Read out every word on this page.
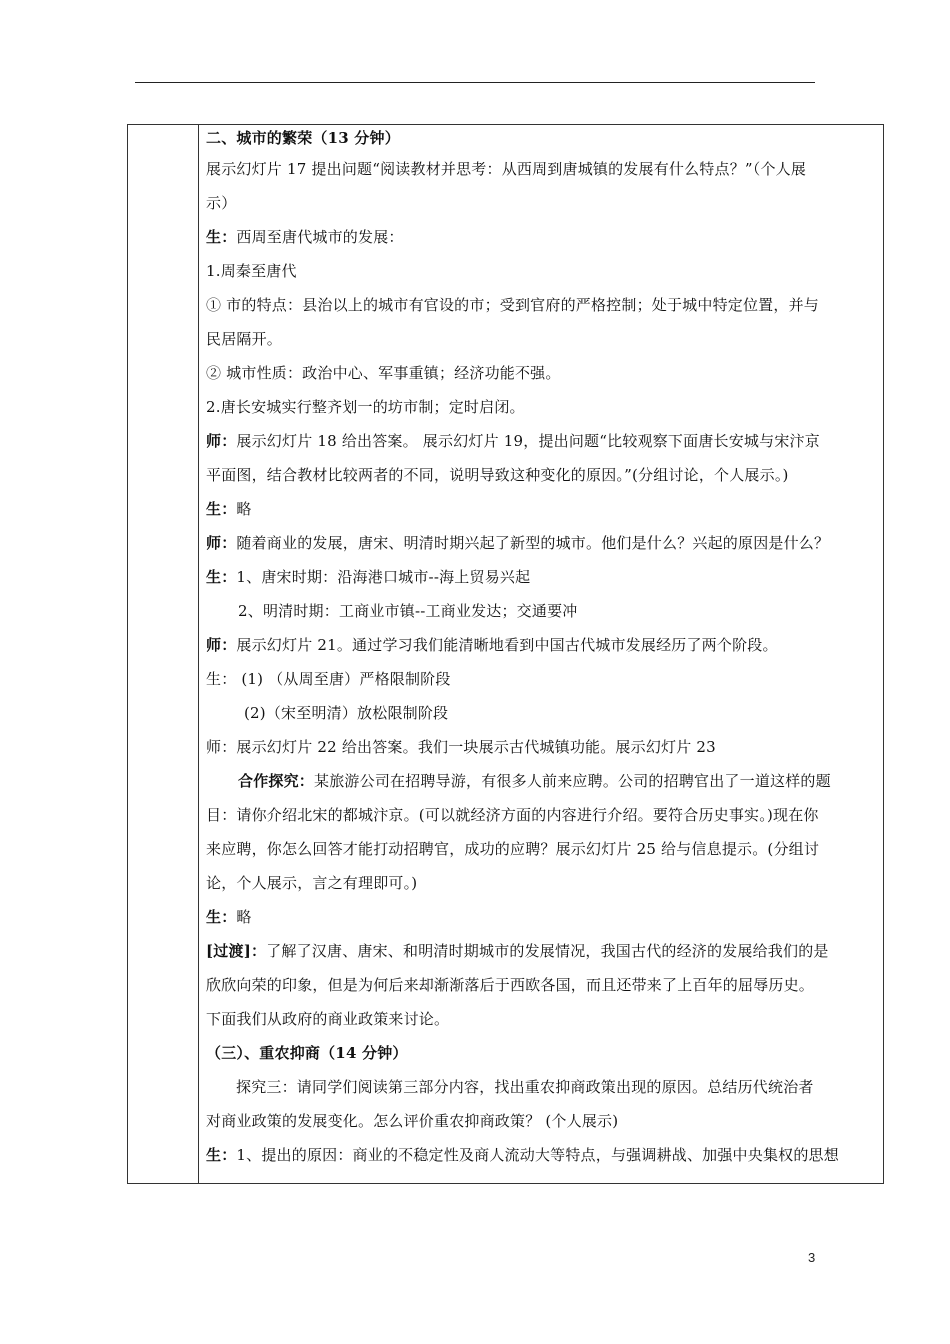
二、城市的繁荣（13 分钟）
展示幻灯片 17 提出问题“阅读教材并思考：从西周到唐城镇的发展有什么特点？”（个人展
示）
生：西周至唐代城市的发展：
1.周秦至唐代
① 市的特点：县治以上的城市有官设的市；受到官府的严格控制；处于城中特定位置，并与
民居隔开。
② 城市性质：政治中心、军事重镇；经济功能不强。
2.唐长安城实行整齐划一的坊市制；定时启闭。
师：展示幻灯片 18 给出答案。 展示幻灯片 19，提出问题“比较观察下面唐长安城与宋汴京
平面图，结合教材比较两者的不同，说明导致这种变化的原因。”(分组讨论，个人展示。)
生：略
师：随着商业的发展，唐宋、明清时期兴起了新型的城市。他们是什么？兴起的原因是什么？
生：1、唐宋时期：沿海港口城市--海上贸易兴起
2、明清时期：工商业市镇--工商业发达；交通要冲
师：展示幻灯片 21。通过学习我们能清晰地看到中国古代城市发展经历了两个阶段。
生： (1) （从周至唐）严格限制阶段
(2)（宋至明清）放松限制阶段
师：展示幻灯片 22 给出答案。我们一块展示古代城镇功能。展示幻灯片 23
合作探究：某旅游公司在招聘导游，有很多人前来应聘。公司的招聘官出了一道这样的题
目：请你介绍北宋的都城汴京。(可以就经济方面的内容进行介绍。要符合历史事实。)现在你
来应聘，你怎么回答才能打动招聘官，成功的应聘？展示幻灯片 25 给与信息提示。(分组讨
论，个人展示，言之有理即可。)
生：略
[过渡]：了解了汉唐、唐宋、和明清时期城市的发展情况，我国古代的经济的发展给我们的是
欣欣向荣的印象，但是为何后来却渐渐落后于西欧各国，而且还带来了上百年的屈辱历史。
下面我们从政府的商业政策来讨论。
（三）、重农抑商（14 分钟）
探究三：请同学们阅读第三部分内容，找出重农抑商政策出现的原因。总结历代统治者
对商业政策的发展变化。怎么评价重农抑商政策？ (个人展示)
生：1、提出的原因：商业的不稳定性及商人流动大等特点，与强调耕战、加强中央集权的思想
3
